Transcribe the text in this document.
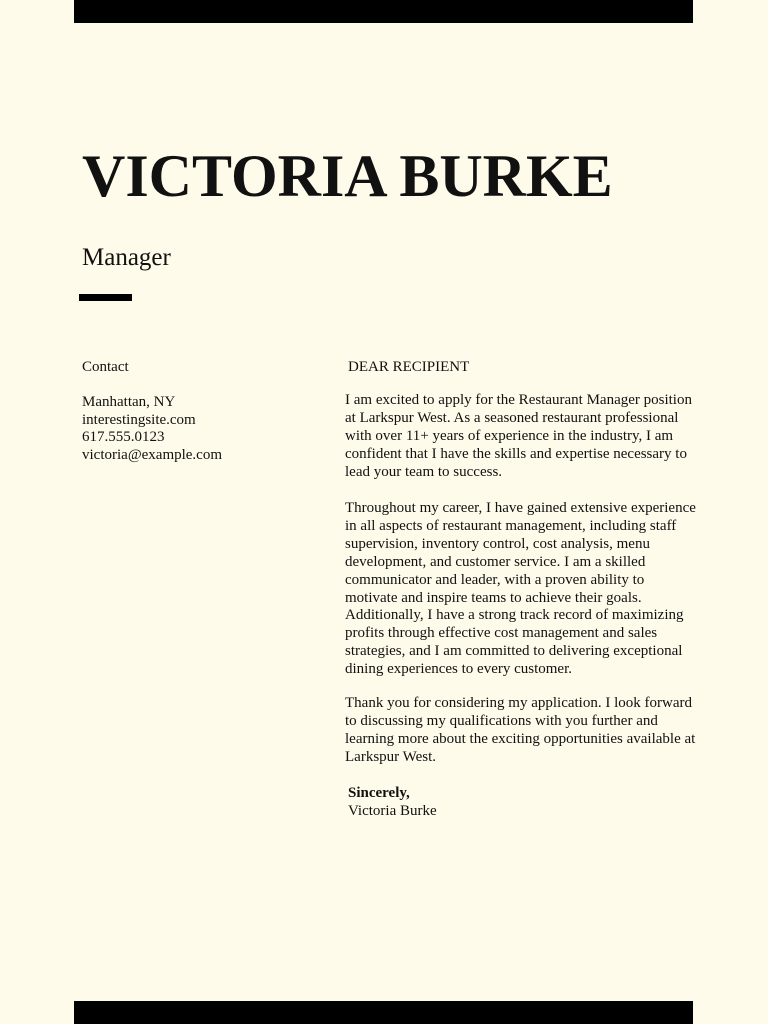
VICTORIA BURKE
Manager
Contact
Manhattan, NY
interestingsite.com
617.555.0123
victoria@example.com
DEAR RECIPIENT

I am excited to apply for the Restaurant Manager position at Larkspur West. As a seasoned restaurant professional with over 11+ years of experience in the industry, I am confident that I have the skills and expertise necessary to lead your team to success.

Throughout my career, I have gained extensive experience in all aspects of restaurant management, including staff supervision, inventory control, cost analysis, menu development, and customer service. I am a skilled communicator and leader, with a proven ability to motivate and inspire teams to achieve their goals. Additionally, I have a strong track record of maximizing profits through effective cost management and sales strategies, and I am committed to delivering exceptional dining experiences to every customer.

Thank you for considering my application. I look forward to discussing my qualifications with you further and learning more about the exciting opportunities available at Larkspur West.

Sincerely,
Victoria Burke
